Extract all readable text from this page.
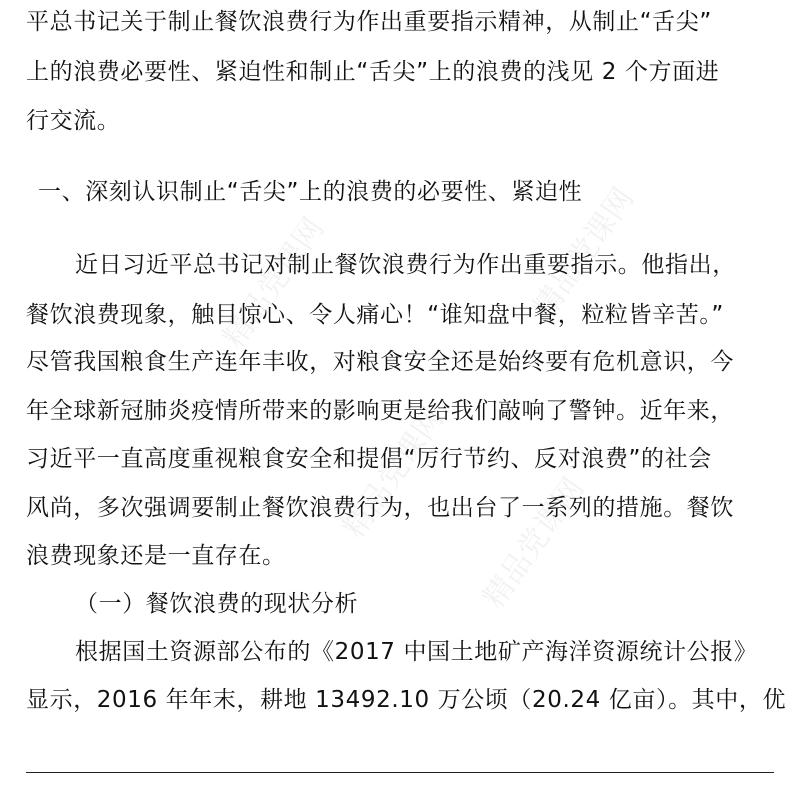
精品党课网	精品党课网
精品党课网 精品党课网
平总书记关于制止餐饮浪费行为作出重要指示精神，从制止“舌尖”
上的浪费必要性、紧迫性和制止“舌尖”上的浪费的浅见 2 个方面进
行交流。
一、深刻认识制止“舌尖”上的浪费的必要性、紧迫性
近日习近平总书记对制止餐饮浪费行为作出重要指示。他指出，
餐饮浪费现象，触目惊心、令人痛心！“谁知盘中餐，粒粒皆辛苦。”
尽管我国粮食生产连年丰收，对粮食安全还是始终要有危机意识，今
年全球新冠肺炎疫情所带来的影响更是给我们敲响了警钟。近年来，
习近平一直高度重视粮食安全和提倡“厉行节约、反对浪费”的社会
风尚，多次强调要制止餐饮浪费行为，也出台了一系列的措施。餐饮
浪费现象还是一直存在。
（一）餐饮浪费的现状分析
根据国土资源部公布的《2017 中国土地矿产海洋资源统计公报》
显示，2016 年年末，耕地 13492.10 万公顷（20.24 亿亩）。其中，优
